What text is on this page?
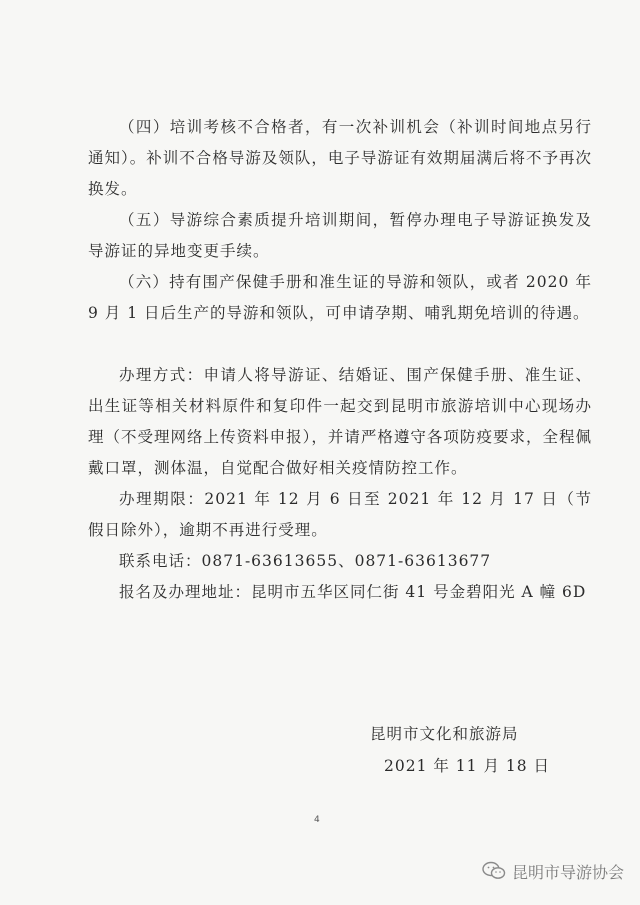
（四）培训考核不合格者，有一次补训机会（补训时间地点另行通知）。补训不合格导游及领队，电子导游证有效期届满后将不予再次换发。

（五）导游综合素质提升培训期间，暂停办理电子导游证换发及导游证的异地变更手续。

（六）持有围产保健手册和准生证的导游和领队，或者 2020 年 9 月 1 日后生产的导游和领队，可申请孕期、哺乳期免培训的待遇。

办理方式：申请人将导游证、结婚证、围产保健手册、准生证、出生证等相关材料原件和复印件一起交到昆明市旅游培训中心现场办理（不受理网络上传资料申报），并请严格遵守各项防疫要求，全程佩戴口罩，测体温，自觉配合做好相关疫情防控工作。

办理期限：2021 年 12 月 6 日至 2021 年 12 月 17 日（节假日除外），逾期不再进行受理。

联系电话：0871-63613655、0871-63613677

报名及办理地址：昆明市五华区同仁街 41 号金碧阳光 A 幢 6D

昆明市文化和旅游局
2021 年 11 月 18 日
4
昆明市导游协会
